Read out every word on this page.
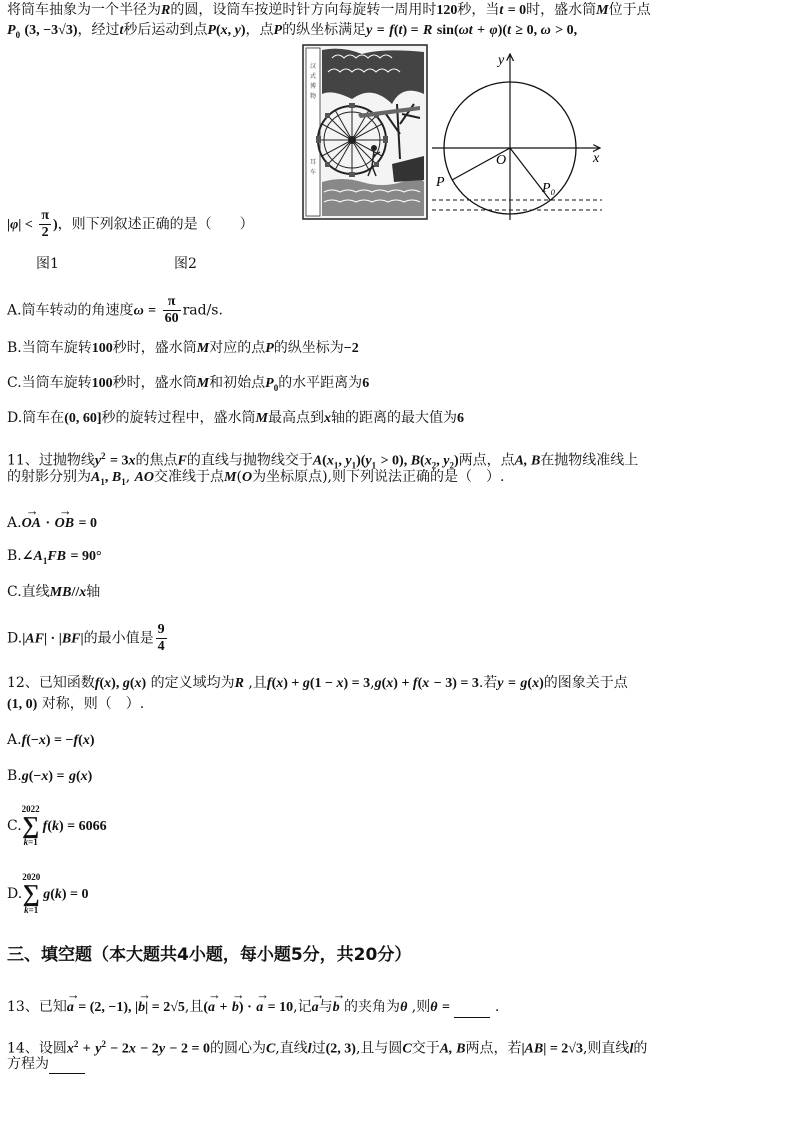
将筒车抽象为一个半径为R的圆，设筒车按逆时针方向每旋转一周用时120秒，当t = 0时，盛水筒M位于点
$P_0$ (3, −3√3)，经过t秒后运动到点P(x, y)，点P的纵坐标满足y = f(t) = R sin(ωt + φ)(t ≥ 0, ω > 0,
汉
式
博
物
耳
车
x
y
O
P	P₀
$|\varphi| < \frac{\pi}{2}$ )，则下列叙述正确的是（　　）
图1	图2
A.筒车转动的角速度$\omega = \frac{\pi}{60} rad/s$.
B.当筒车旋转100秒时，盛水筒M对应的点P的纵坐标为−2
C.当筒车旋转100秒时，盛水筒M和初始点$P_0$的水平距离为6
D.筒车在(0, 60]秒的旋转过程中，盛水筒M最高点到x轴的距离的最大值为6
11、过抛物线$y^2 = 3x$的焦点F的直线与抛物线交于$A(x_1$, $y_1)(y_1 > 0)$, $B(x_2$, $y_2$)两点，点A, B在抛物线准线上
的射影分别为$A_1$, $B_1$, AO交准线于点M(O为坐标原点),则下列说法正确的是（　）.
A.→ OA · → OB = 0
$B.\angle A_1FB = 90^\circ$
C.直线MB//x轴
D.|AF| · |BF|的最小值是 $\frac{9}{4}$
12、已知函数f(x), g(x) 的定义域均为R ,且f(x) + g(1 − x) = 3,g(x) + f(x − 3) = 3.若y = g(x)的图象关于点
(1, 0) 对称，则（　）.
A.f(−x) = −f(x)
B.g(−x) = g(x)
C.
2022
∑
k=1
f(k) = 6066
D.
2020
∑
k=1
g(k) = 0
三、填空题（本大题共4小题，每小题5分，共20分）
13、已知→ a = (2, −1), |→ b| = 2√5,且(→ a + → b) · → a = 10,记→ a与→ b 的夹角为θ ,则θ =	.
14、设圆$x^2 + y^2 - 2x - 2y - 2 = 0$的圆心为C,直线l过(2, 3),且与圆C交于A, B两点，若|AB| = 2√3,则直线l的
方程为
